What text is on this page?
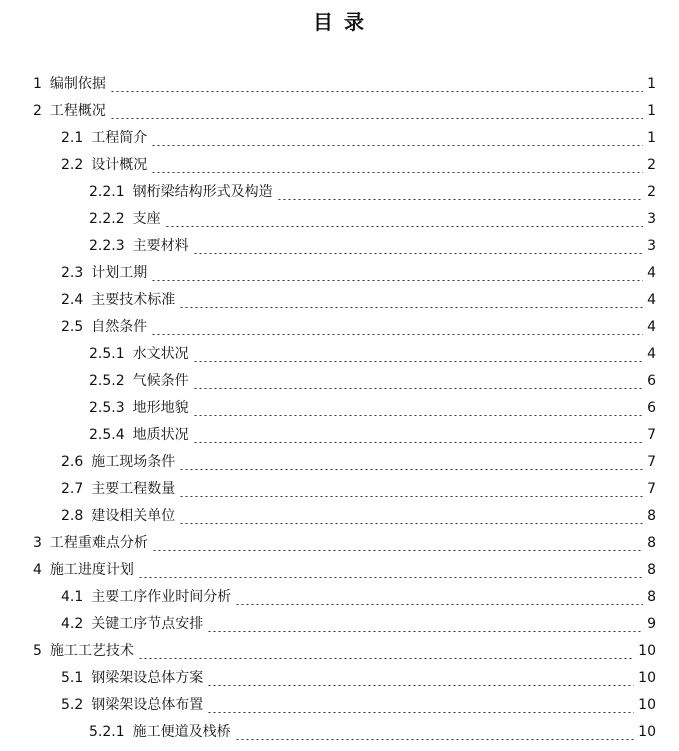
目 录
1 编制依据	1
2 工程概况	1
2.1 工程简介	1
2.2 设计概况	2
2.2.1 钢桁梁结构形式及构造	2
2.2.2 支座	3
2.2.3 主要材料	3
2.3 计划工期	4
2.4 主要技术标准	4
2.5 自然条件	4
2.5.1 水文状况	4
2.5.2 气候条件	6
2.5.3 地形地貌	6
2.5.4 地质状况	7
2.6 施工现场条件	7
2.7 主要工程数量	7
2.8 建设相关单位	8
3 工程重难点分析	8
4 施工进度计划	8
4.1 主要工序作业时间分析	8
4.2 关键工序节点安排	9
5 施工工艺技术	10
5.1 钢梁架设总体方案	10
5.2 钢梁架设总体布置	10
5.2.1 施工便道及栈桥	10
